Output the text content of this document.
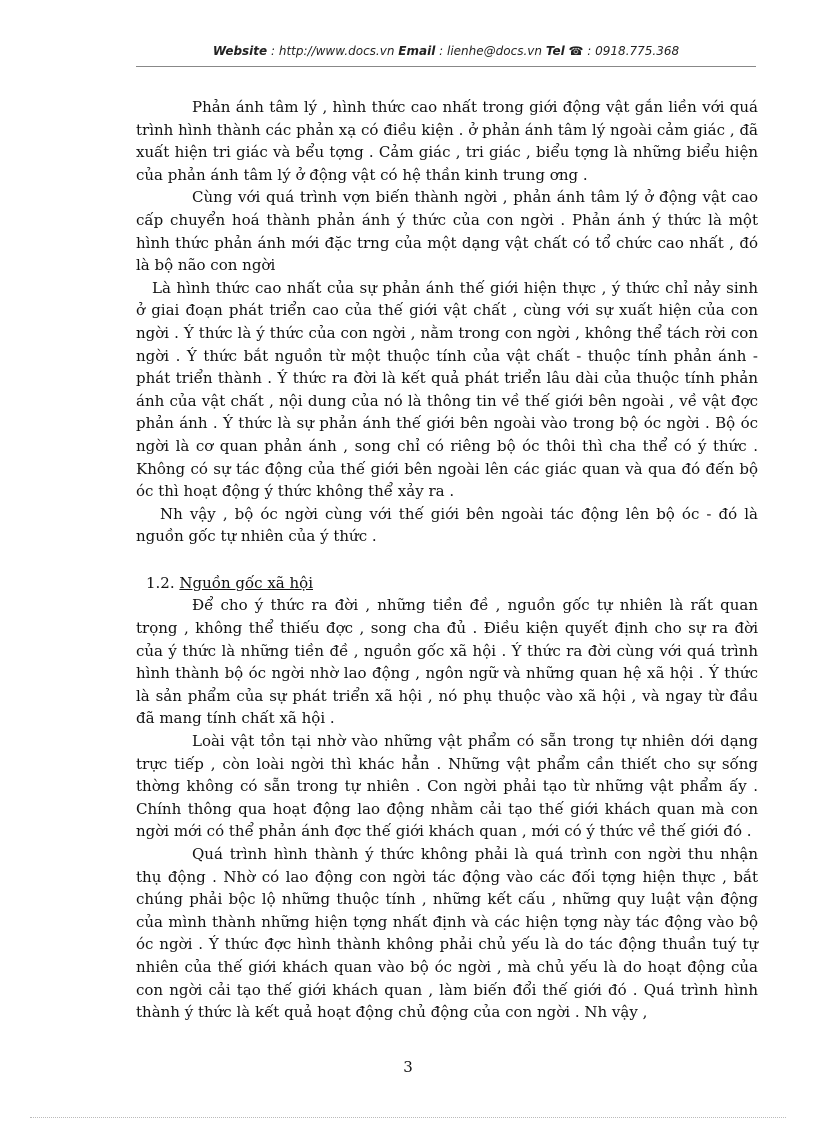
Website : http://www.docs.vn Email : lienhe@docs.vn Tel ☎ : 0918.775.368

Phản ánh tâm lý , hình thức cao nhất trong giới động vật gắn liền với quá trình hình thành các phản xạ có điều kiện . ở phản ánh tâm lý ngoài cảm giác , đã xuất hiện tri giác và bểu tợng . Cảm giác , tri giác , biểu tợng là những biểu hiện của phản ánh tâm lý ở động vật có hệ thần kinh trung ơng .

Cùng với quá trình vợn biến thành ngời , phản ánh tâm lý ở động vật cao cấp chuyển hoá thành phản ánh ý thức của con ngời . Phản ánh ý thức là một hình thức phản ánh mới đặc trng của một dạng vật chất có tổ chức cao nhất , đó là bộ não con ngời

Là hình thức cao nhất của sự phản ánh thế giới hiện thực , ý thức chỉ nảy sinh ở giai đoạn phát triển cao của thế giới vật chất , cùng với sự xuất hiện của con ngời . Ý thức là ý thức của con ngời , nằm trong con ngời , không thể tách rời con ngời . Ý thức bắt nguồn từ một thuộc tính của vật chất - thuộc tính phản ánh - phát triển thành . Ý thức ra đời là kết quả phát triển lâu dài của thuộc tính phản ánh của vật chất , nội dung của nó là thông tin về thế giới bên ngoài , về vật đợc phản ánh . Ý thức là sự phản ánh thế giới bên ngoài vào trong bộ óc ngời . Bộ óc ngời là cơ quan phản ánh , song chỉ có riêng bộ óc thôi thì cha thể có ý thức . Không có sự tác động của thế giới bên ngoài lên các giác quan và qua đó đến bộ óc thì hoạt động ý thức không thể xảy ra .

Nh vậy , bộ óc ngời cùng với thế giới bên ngoài tác động lên bộ óc - đó là nguồn gốc tự nhiên của ý thức .

1.2. Nguồn gốc xã hội

Để cho ý thức ra đời , những tiền đề , nguồn gốc tự nhiên là rất quan trọng , không thể thiếu đợc , song cha đủ . Điều kiện quyết định cho sự ra đời của ý thức là những tiền đề , nguồn gốc xã hội . Ý thức ra đời cùng với quá trình hình thành bộ óc ngời nhờ lao động , ngôn ngữ và những quan hệ xã hội . Ý thức là sản phẩm của sự phát triển xã hội , nó phụ thuộc vào xã hội , và ngay từ đầu đã mang tính chất xã hội .

Loài vật tồn tại nhờ vào những vật phẩm có sẵn trong tự nhiên dới dạng trực tiếp , còn loài ngời thì khác hẳn . Những vật phẩm cần thiết cho sự sống thờng không có sẵn trong tự nhiên . Con ngời phải tạo từ những vật phẩm ấy . Chính thông qua hoạt động lao động nhằm cải tạo thế giới khách quan mà con ngời mới có thể phản ánh đợc thế giới khách quan , mới có ý thức về thế giới đó .

Quá trình hình thành ý thức không phải là quá trình con ngời thu nhận thụ động . Nhờ có lao động con ngời tác động vào các đối tợng hiện thực , bắt chúng phải bộc lộ những thuộc tính , những kết cấu , những quy luật vận động của mình thành những hiện tợng nhất định và các hiện tợng này tác động vào bộ óc ngời . Ý thức đợc hình thành không phải chủ yếu là do tác động thuần tuý tự nhiên của thế giới khách quan vào bộ óc ngời , mà chủ yếu là do hoạt động của con ngời cải tạo thế giới khách quan , làm biến đổi thế giới đó . Quá trình hình thành ý thức là kết quả hoạt động chủ động của con ngời . Nh vậy ,

3
